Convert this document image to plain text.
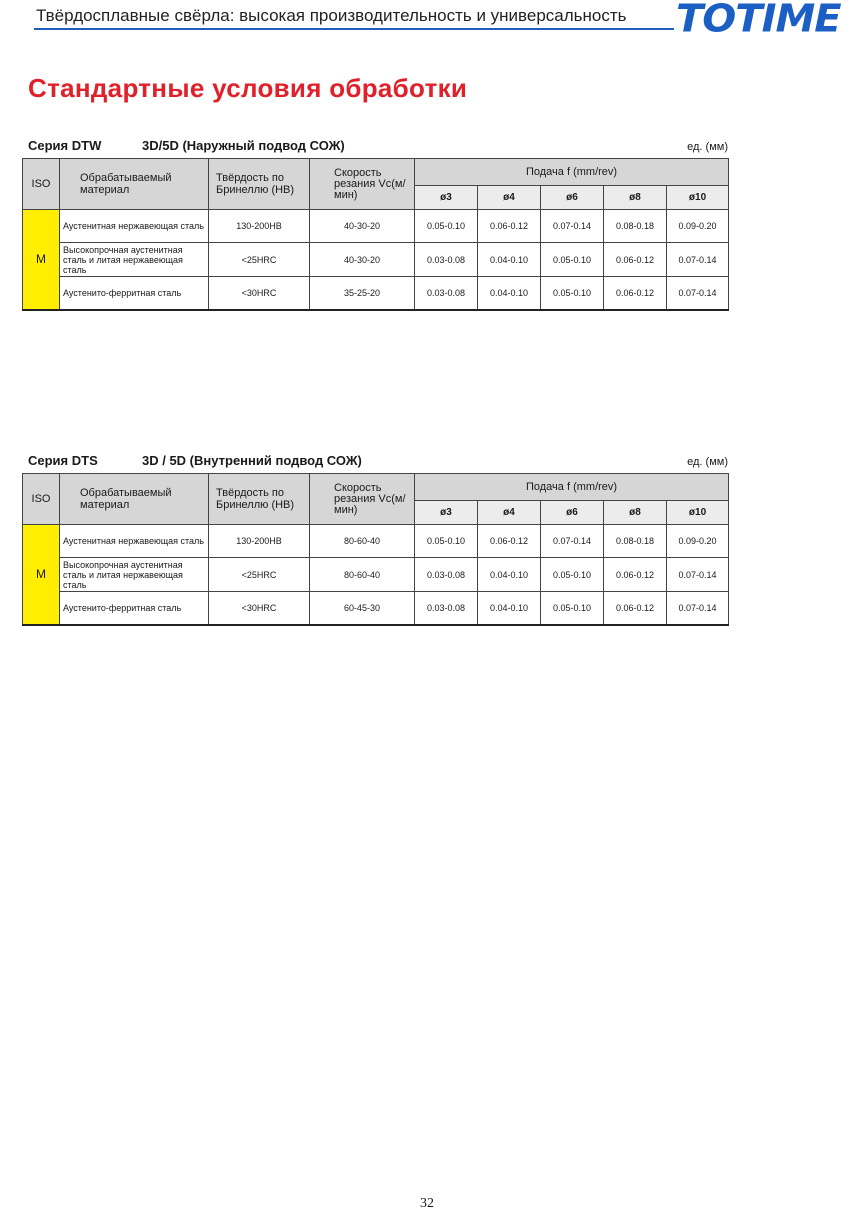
Твёрдосплавные свёрла: высокая производительность и универсальность TOTIME
Стандартные условия обработки
Серия DTW	3D/5D (Наружный подвод СОЖ)	ед. (мм)
ISO	Обрабатываемый материал	Твёрдость по Бринеллю (HB)	Скорость резания Vc(м/мин)	Подача f (mm/rev)				
				ø3	ø4	ø6	ø8	ø10
M	Аустенитная нержавеющая сталь	130-200HB	40-30-20	0.05-0.10	0.06-0.12	0.07-0.14	0.08-0.18	0.09-0.20
	Высокопрочная аустенитная сталь и литая нержавеющая сталь	<25HRC	40-30-20	0.03-0.08	0.04-0.10	0.05-0.10	0.06-0.12	0.07-0.14
	Аустенито-ферритная сталь	<30HRC	35-25-20	0.03-0.08	0.04-0.10	0.05-0.10	0.06-0.12	0.07-0.14
Серия DTS	3D / 5D (Внутренний подвод СОЖ)	ед. (мм)
ISO	Обрабатываемый материал	Твёрдость по Бринеллю (HB)	Скорость резания Vc(м/мин)	Подача f (mm/rev)				
				ø3	ø4	ø6	ø8	ø10
M	Аустенитная нержавеющая сталь	130-200HB	80-60-40	0.05-0.10	0.06-0.12	0.07-0.14	0.08-0.18	0.09-0.20
	Высокопрочная аустенитная сталь и литая нержавеющая сталь	<25HRC	80-60-40	0.03-0.08	0.04-0.10	0.05-0.10	0.06-0.12	0.07-0.14
	Аустенито-ферритная сталь	<30HRC	60-45-30	0.03-0.08	0.04-0.10	0.05-0.10	0.06-0.12	0.07-0.14
32
